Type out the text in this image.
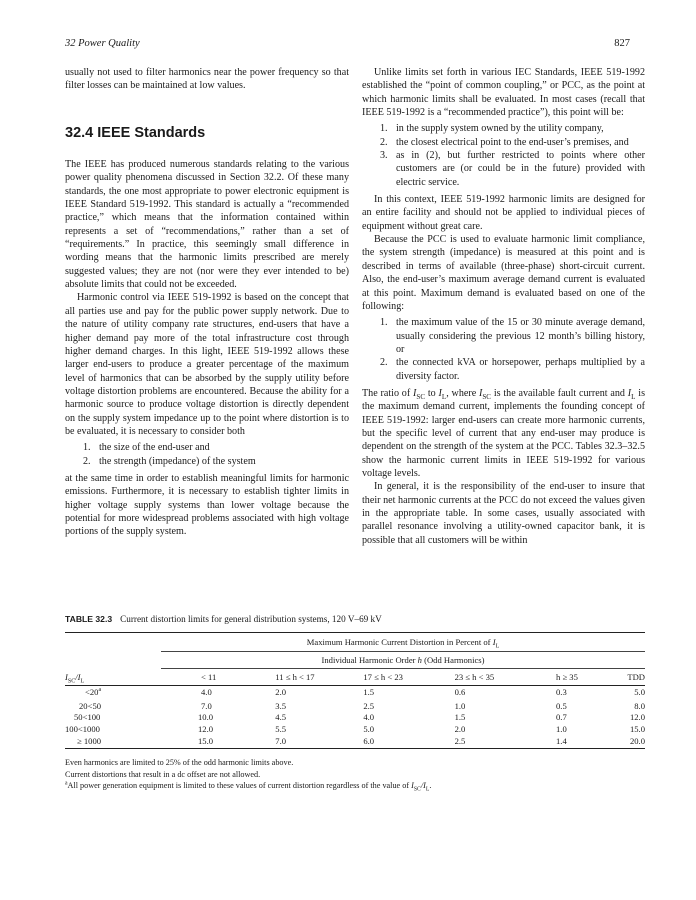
32 Power Quality	827

usually not used to filter harmonics near the power frequency so that filter losses can be maintained at low values.

32.4 IEEE Standards

The IEEE has produced numerous standards relating to the various power quality phenomena discussed in Section 32.2. Of these many standards, the one most appropriate to power electronic equipment is IEEE Standard 519-1992. This standard is actually a “recommended practice,” which means that the information contained within represents a set of “recommendations,” rather than a set of “requirements.” In practice, this seemingly small difference in wording means that the harmonic limits prescribed are merely suggested values; they are not (nor were they ever intended to be) absolute limits that could not be exceeded.

Harmonic control via IEEE 519-1992 is based on the concept that all parties use and pay for the public power supply network. Due to the nature of utility company rate structures, end-users that have a higher demand pay more of the total infrastructure cost through higher demand charges. In this light, IEEE 519-1992 allows these larger end-users to produce a greater percentage of the maximum level of harmonics that can be absorbed by the supply utility before voltage distortion problems are encountered. Because the ability for a harmonic source to produce voltage distortion is directly dependent on the supply system impedance up to the point where distortion is to be evaluated, it is necessary to consider both

1. the size of the end-user and
2. the strength (impedance) of the system

at the same time in order to establish meaningful limits for harmonic emissions. Furthermore, it is necessary to establish tighter limits in higher voltage supply systems than lower voltage because the potential for more widespread problems associated with high voltage portions of the supply system.

Unlike limits set forth in various IEC Standards, IEEE 519-1992 established the “point of common coupling,” or PCC, as the point at which harmonic limits shall be evaluated. In most cases (recall that IEEE 519-1992 is a “recommended practice”), this point will be:

1. in the supply system owned by the utility company,
2. the closest electrical point to the end-user’s premises, and
3. as in (2), but further restricted to points where other customers are (or could be in the future) provided with electric service.

In this context, IEEE 519-1992 harmonic limits are designed for an entire facility and should not be applied to individual pieces of equipment without great care.

Because the PCC is used to evaluate harmonic limit compliance, the system strength (impedance) is measured at this point and is described in terms of available (three-phase) short-circuit current. Also, the end-user’s maximum average demand current is evaluated at this point. Maximum demand is evaluated based on one of the following:

1. the maximum value of the 15 or 30 minute average demand, usually considering the previous 12 month’s billing history, or
2. the connected kVA or horsepower, perhaps multiplied by a diversity factor.

The ratio of $I_{SC}$ to $I_L$, where $I_{SC}$ is the available fault current and $I_L$ is the maximum demand current, implements the founding concept of IEEE 519-1992: larger end-users can create more harmonic currents, but the specific level of current that any end-user may produce is dependent on the strength of the system at the PCC. Tables 32.3–32.5 show the harmonic current limits in IEEE 519-1992 for various voltage levels.

In general, it is the responsibility of the end-user to insure that their net harmonic currents at the PCC do not exceed the values given in the appropriate table. In some cases, usually associated with parallel resonance involving a utility-owned capacitor bank, it is possible that all customers will be within

TABLE 32.3 Current distortion limits for general distribution systems, 120 V–69 kV
	Maximum Harmonic Current Distortion in Percent of $I_L$
	Individual Harmonic Order h (Odd Harmonics)					
$I_{SC}/I_L$	< 11	11 ≤ h < 17	17 ≤ h < 23	23 ≤ h < 35	h ≥ 35	TDD
$<20^a$	4.0	2.0	1.5	0.6	0.3	5.0
20<50	7.0	3.5	2.5	1.0	0.5	8.0
50<100	10.0	4.5	4.0	1.5	0.7	12.0
100<1000	12.0	5.5	5.0	2.0	1.0	15.0
≥ 1000	15.0	7.0	6.0	2.5	1.4	20.0
Even harmonics are limited to 25% of the odd harmonic limits above.
Current distortions that result in a dc offset are not allowed.
$^a$All power generation equipment is limited to these values of current distortion regardless of the value of $I_{SC}/I_L$.
